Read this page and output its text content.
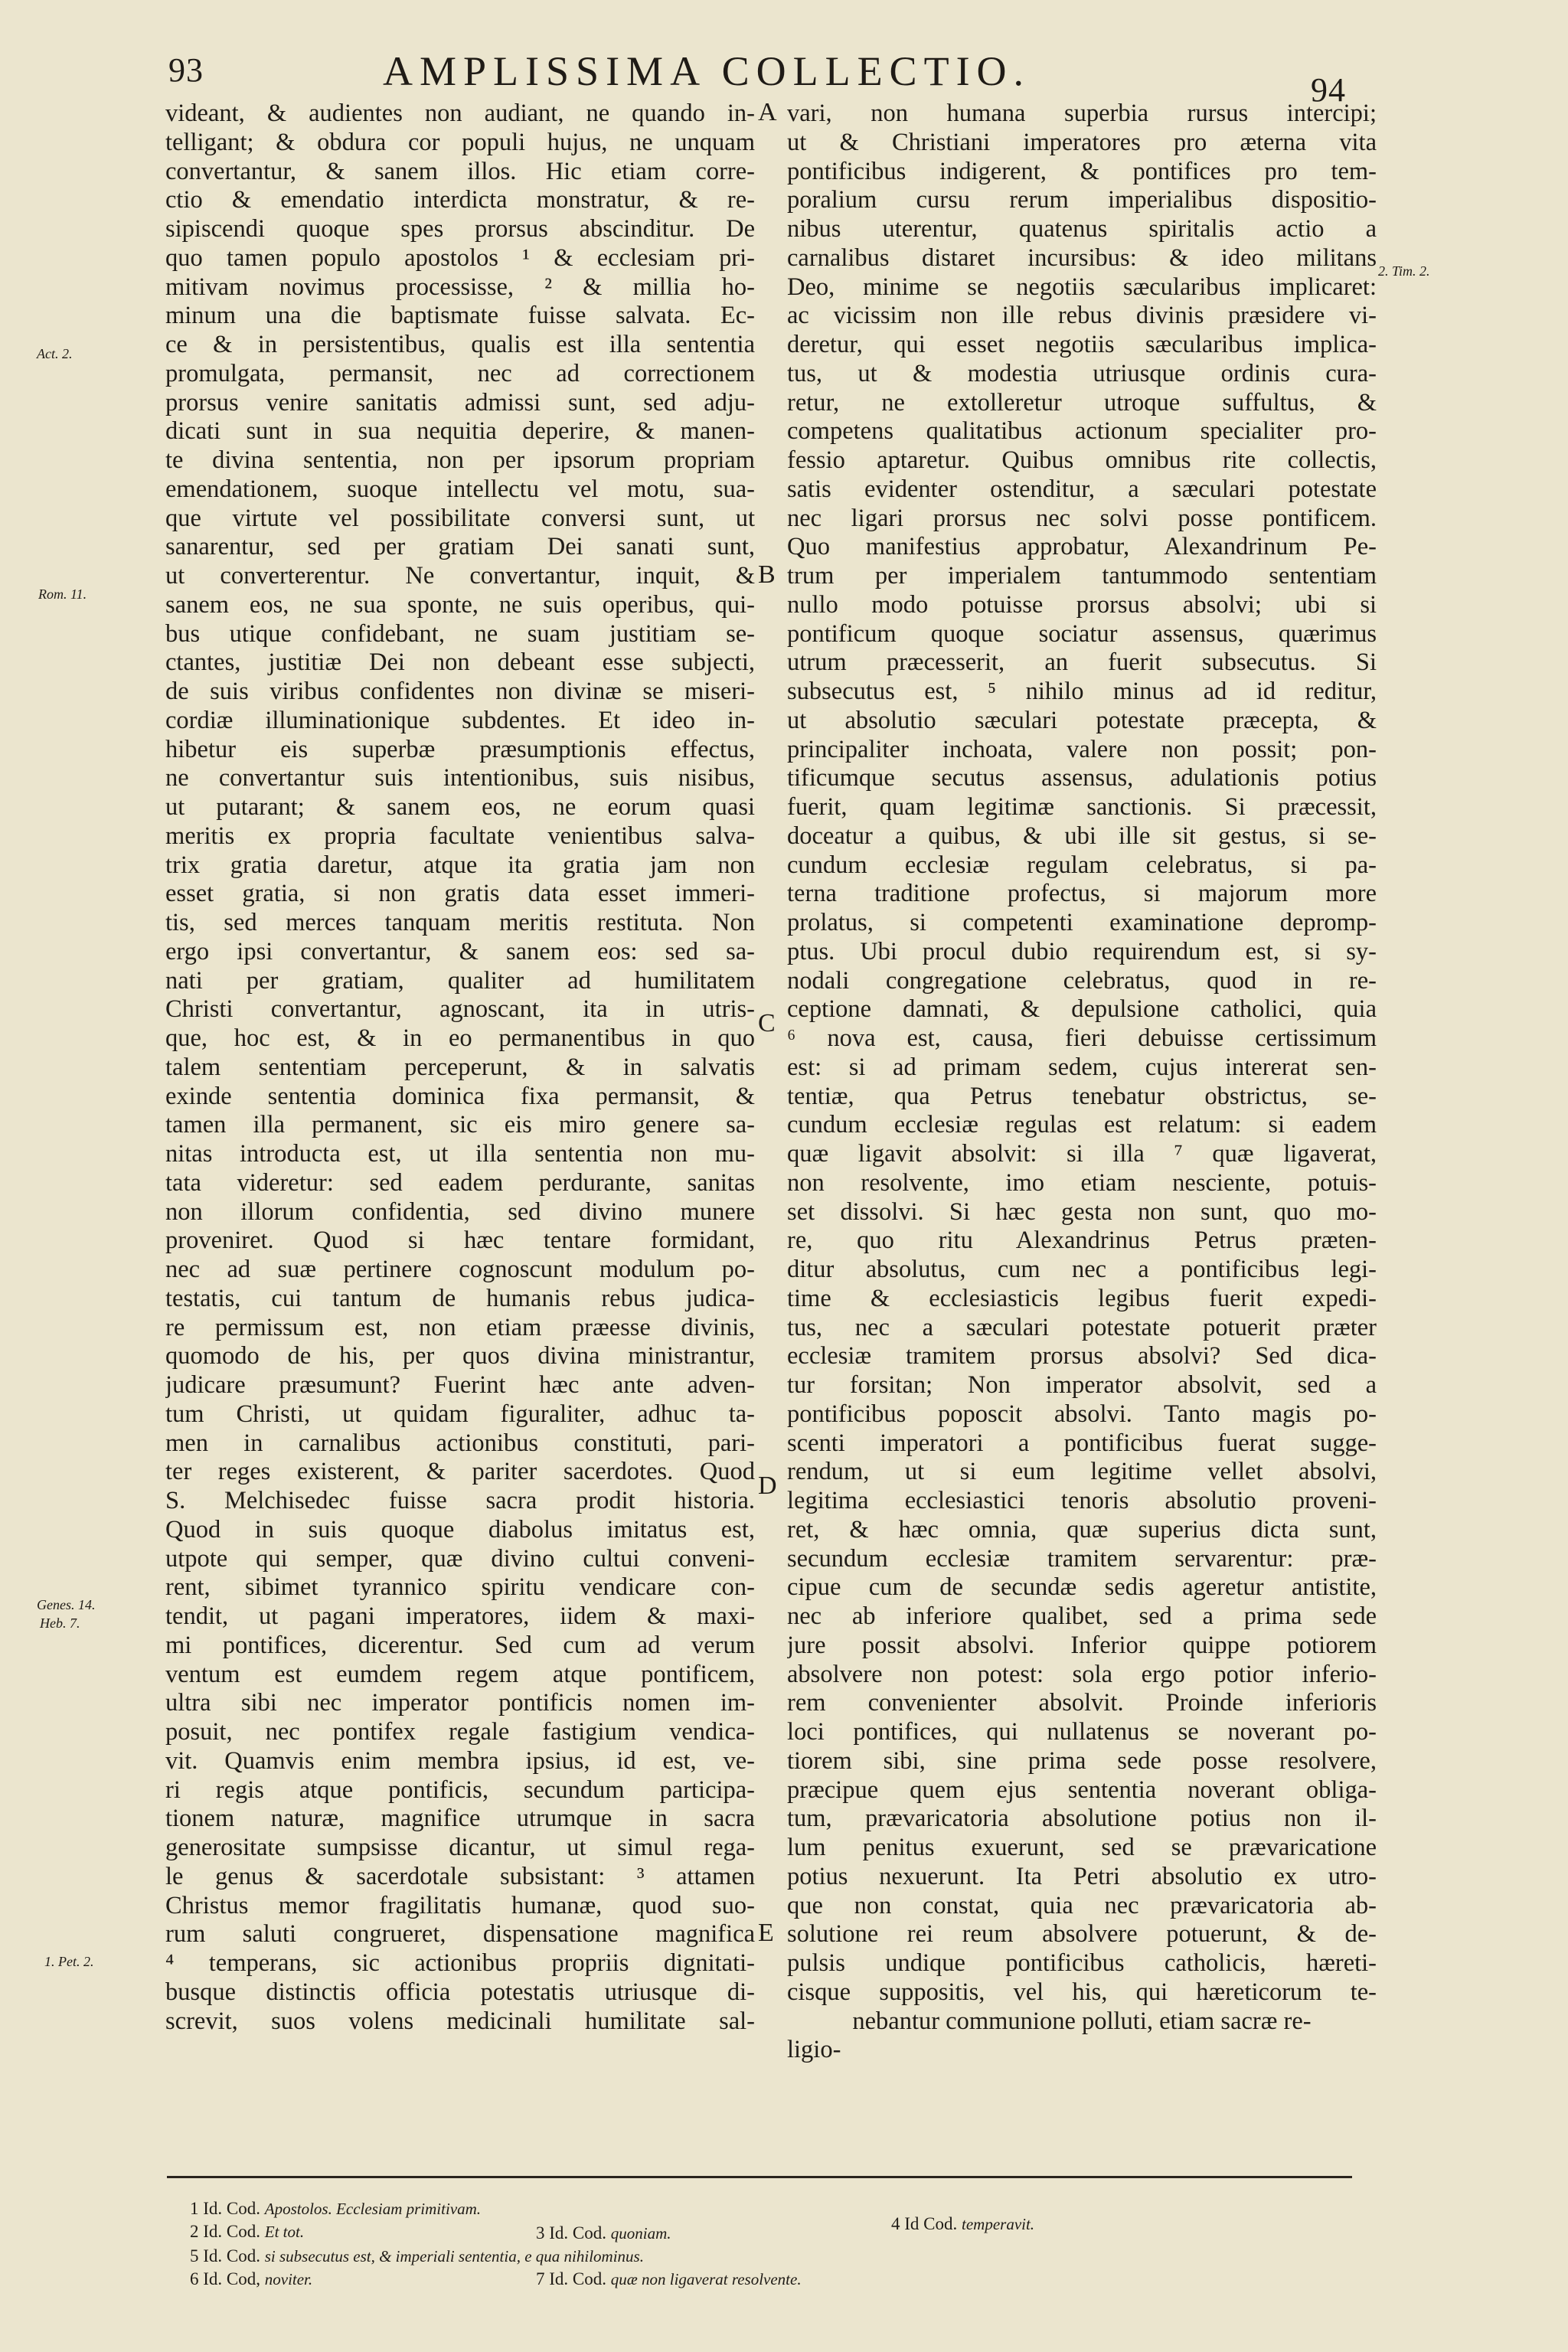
93	AMPLISSIMA COLLECTIO.	94
videant, & audientes non audiant, ne quando in-
telligant; & obdura cor populi hujus, ne unquam
convertantur, & sanem illos. Hic etiam corre-
ctio & emendatio interdicta monstratur, & re-
sipiscendi quoque spes prorsus abscinditur. De
quo tamen populo apostolos ¹ & ecclesiam pri-
mitivam novimus processisse, ² & millia ho-
minum una die baptismate fuisse salvata. Ec-
ce & in persistentibus, qualis est illa sententia
promulgata, permansit, nec ad correctionem
prorsus venire sanitatis admissi sunt, sed adju-
dicati sunt in sua nequitia deperire, & manen-
te divina sententia, non per ipsorum propriam
emendationem, suoque intellectu vel motu, sua-
que virtute vel possibilitate conversi sunt, ut
sanarentur, sed per gratiam Dei sanati sunt,
ut converterentur. Ne convertantur, inquit, &
sanem eos, ne sua sponte, ne suis operibus, qui-
bus utique confidebant, ne suam justitiam se-
ctantes, justitiæ Dei non debeant esse subjecti,
de suis viribus confidentes non divinæ se miseri-
cordiæ illuminationique subdentes. Et ideo in-
hibetur eis superbæ præsumptionis effectus,
ne convertantur suis intentionibus, suis nisibus,
ut putarant; & sanem eos, ne eorum quasi
meritis ex propria facultate venientibus salva-
trix gratia daretur, atque ita gratia jam non
esset gratia, si non gratis data esset immeri-
tis, sed merces tanquam meritis restituta. Non
ergo ipsi convertantur, & sanem eos: sed sa-
nati per gratiam, qualiter ad humilitatem
Christi convertantur, agnoscant, ita in utris-
que, hoc est, & in eo permanentibus in quo
talem sententiam perceperunt, & in salvatis
exinde sententia dominica fixa permansit, &
tamen illa permanent, sic eis miro genere sa-
nitas introducta est, ut illa sententia non mu-
tata videretur: sed eadem perdurante, sanitas
non illorum confidentia, sed divino munere
proveniret. Quod si hæc tentare formidant,
nec ad suæ pertinere cognoscunt modulum po-
testatis, cui tantum de humanis rebus judica-
re permissum est, non etiam præesse divinis,
quomodo de his, per quos divina ministrantur,
judicare præsumunt? Fuerint hæc ante adven-
tum Christi, ut quidam figuraliter, adhuc ta-
men in carnalibus actionibus constituti, pari-
ter reges existerent, & pariter sacerdotes. Quod
S. Melchisedec fuisse sacra prodit historia.
Quod in suis quoque diabolus imitatus est,
utpote qui semper, quæ divino cultui conveni-
rent, sibimet tyrannico spiritu vendicare con-
tendit, ut pagani imperatores, iidem & maxi-
mi pontifices, dicerentur. Sed cum ad verum
ventum est eumdem regem atque pontificem,
ultra sibi nec imperator pontificis nomen im-
posuit, nec pontifex regale fastigium vendica-
vit. Quamvis enim membra ipsius, id est, ve-
ri regis atque pontificis, secundum participa-
tionem naturæ, magnifice utrumque in sacra
generositate sumpsisse dicantur, ut simul rega-
le genus & sacerdotale subsistant: ³ attamen
Christus memor fragilitatis humanæ, quod suo-
rum saluti congrueret, dispensatione magnifica
⁴ temperans, sic actionibus propriis dignitati-
busque distinctis officia potestatis utriusque di-
screvit, suos volens medicinali humilitate sal-
vari, non humana superbia rursus intercipi;
ut & Christiani imperatores pro æterna vita
pontificibus indigerent, & pontifices pro tem-
poralium cursu rerum imperialibus dispositio-
nibus uterentur, quatenus spiritalis actio a
carnalibus distaret incursibus: & ideo militans
Deo, minime se negotiis sæcularibus implicaret:
ac vicissim non ille rebus divinis præsidere vi-
deretur, qui esset negotiis sæcularibus implica-
tus, ut & modestia utriusque ordinis cura-
retur, ne extolleretur utroque suffultus, &
competens qualitatibus actionum specialiter pro-
fessio aptaretur. Quibus omnibus rite collectis,
satis evidenter ostenditur, a sæculari potestate
nec ligari prorsus nec solvi posse pontificem.
Quo manifestius approbatur, Alexandrinum Pe-
trum per imperialem tantummodo sententiam
nullo modo potuisse prorsus absolvi; ubi si
pontificum quoque sociatur assensus, quærimus
utrum præcesserit, an fuerit subsecutus. Si
subsecutus est, ⁵ nihilo minus ad id reditur,
ut absolutio sæculari potestate præcepta, &
principaliter inchoata, valere non possit; pon-
tificumque secutus assensus, adulationis potius
fuerit, quam legitimæ sanctionis. Si præcessit,
doceatur a quibus, & ubi ille sit gestus, si se-
cundum ecclesiæ regulam celebratus, si pa-
terna traditione profectus, si majorum more
prolatus, si competenti examinatione depromp-
ptus. Ubi procul dubio requirendum est, si sy-
nodali congregatione celebratus, quod in re-
ceptione damnati, & depulsione catholici, quia
⁶ nova est, causa, fieri debuisse certissimum
est: si ad primam sedem, cujus intererat sen-
tentiæ, qua Petrus tenebatur obstrictus, se-
cundum ecclesiæ regulas est relatum: si eadem
quæ ligavit absolvit: si illa ⁷ quæ ligaverat,
non resolvente, imo etiam nesciente, potuis-
set dissolvi. Si hæc gesta non sunt, quo mo-
re, quo ritu Alexandrinus Petrus præten-
ditur absolutus, cum nec a pontificibus legi-
time & ecclesiasticis legibus fuerit expedi-
tus, nec a sæculari potestate potuerit præter
ecclesiæ tramitem prorsus absolvi? Sed dica-
tur forsitan; Non imperator absolvit, sed a
pontificibus poposcit absolvi. Tanto magis po-
scenti imperatori a pontificibus fuerat sugge-
rendum, ut si eum legitime vellet absolvi,
legitima ecclesiastici tenoris absolutio proveni-
ret, & hæc omnia, quæ superius dicta sunt,
secundum ecclesiæ tramitem servarentur: præ-
cipue cum de secundæ sedis ageretur antistite,
nec ab inferiore qualibet, sed a prima sede
jure possit absolvi. Inferior quippe potiorem
absolvere non potest: sola ergo potior inferio-
rem convenienter absolvit. Proinde inferioris
loci pontifices, qui nullatenus se noverant po-
tiorem sibi, sine prima sede posse resolvere,
præcipue quem ejus sententia noverant obliga-
tum, prævaricatoria absolutione potius non il-
lum penitus exuerunt, sed se prævaricatione
potius nexuerunt. Ita Petri absolutio ex utro-
que non constat, quia nec prævaricatoria ab-
solutione rei reum absolvere potuerunt, & de-
pulsis undique pontificibus catholicis, hæreti-
cisque suppositis, vel his, qui hæreticorum te-
nebantur communione polluti, etiam sacræ re-
ligio-
Act. 2.
Rom. 11.
2. Tim. 2.
Genes. 14.
Heb. 7.
1. Pet. 2.
A
B
C
D
E
1 Id. Cod. Apostolos. Ecclesiam primitivam.
2 Id. Cod. Et tot.	3 Id. Cod. quoniam.	4 Id Cod. temperavit.
5 Id. Cod. si subsecutus est, & imperiali sententia, e qua nihilominus.
6 Id. Cod, noviter.	7 Id. Cod. quæ non ligaverat resolvente.
